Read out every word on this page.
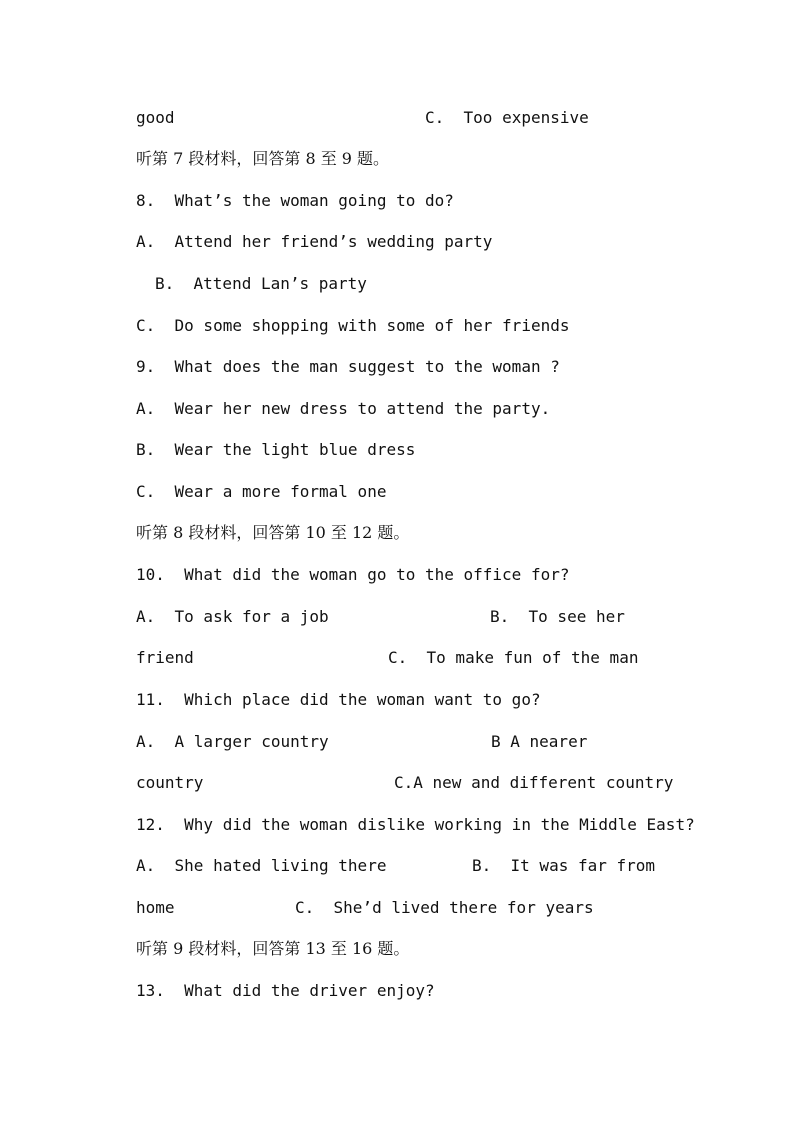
good

	C.  Too expensive

听第 7 段材料，回答第 8 至 9 题。
8.  What’s the woman going to do?
A.  Attend her friend’s wedding party
B.  Attend Lan’s party
C.  Do some shopping with some of her friends
9.  What does the man suggest to the woman ?
A.  Wear her new dress to attend the party.
B.  Wear the light blue dress
C.  Wear a more formal one
听第 8 段材料，回答第 10 至 12 题。
10.  What did the woman go to the office for?

A.  To ask for a job

	B.  To see her

friend

	C.  To make fun of the man

11.  Which place did the woman want to go?

A.  A larger country

	B A nearer

country

	C.A new and different country

12.  Why did the woman dislike working in the Middle East?

A.  She hated living there

	B.  It was far from

home

	C.  She’d lived there for years

听第 9 段材料，回答第 13 至 16 题。
13.  What did the driver enjoy?
